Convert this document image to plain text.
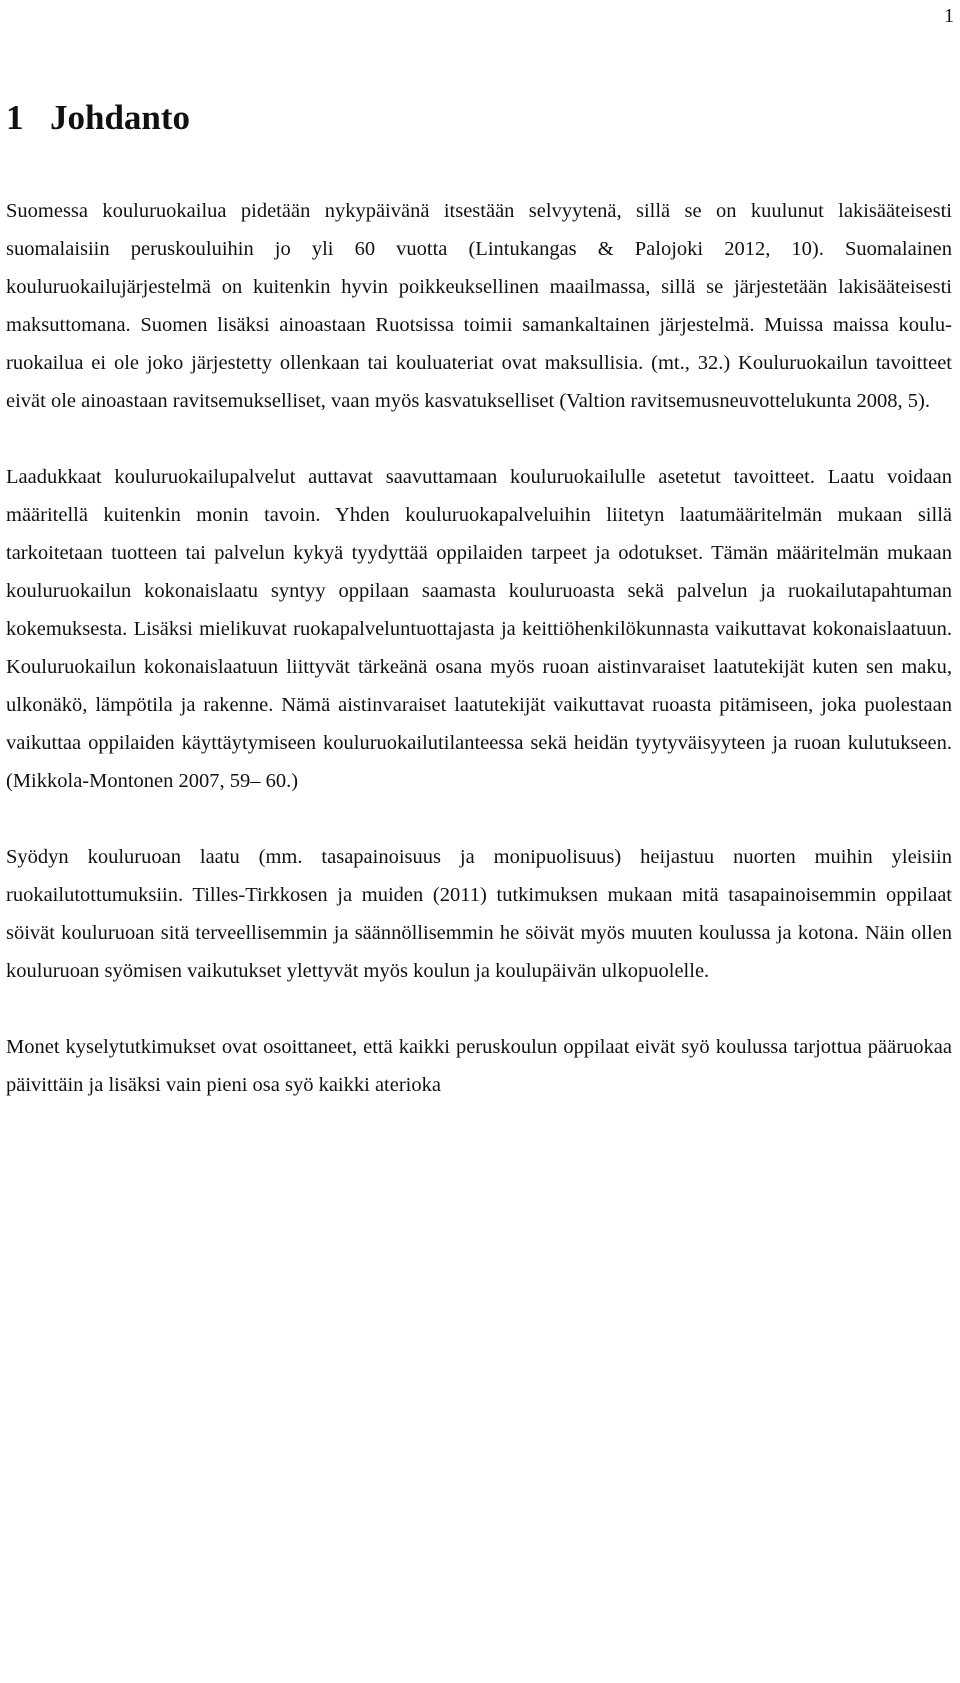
1
1 Johdanto

Suomessa kouluruokailua pidetään nykypäivänä itsestään selvyytenä, sillä se on kuulunut lakisääteisesti suomalaisiin peruskouluihin jo yli 60 vuotta (Lintukangas & Palojoki 2012, 10). Suomalainen kouluruokailujärjestelmä on kuitenkin hyvin poikkeuksellinen maailmassa, sillä se järjestetään lakisääteisesti maksuttomana. Suomen lisäksi ainoastaan Ruotsissa toimii samankaltainen järjestelmä. Muissa maissa kouluruokailua ei ole joko järjestetty ollenkaan tai kouluateriat ovat maksullisia. (mt., 32.) Kouluruokailun tavoitteet eivät ole ainoastaan ravitsemukselliset, vaan myös kasvatukselliset (Valtion ravitsemusneuvottelukunta 2008, 5).

Laadukkaat kouluruokailupalvelut auttavat saavuttamaan kouluruokailulle asetetut tavoitteet. Laatu voidaan määritellä kuitenkin monin tavoin. Yhden kouluruokapalveluihin liitetyn laatumääritelmän mukaan sillä tarkoitetaan tuotteen tai palvelun kykyä tyydyttää oppilaiden tarpeet ja odotukset. Tämän määritelmän mukaan kouluruokailun kokonaislaatu syntyy oppilaan saamasta kouluruoasta sekä palvelun ja ruokailutapahtuman kokemuksesta. Lisäksi mielikuvat ruokapalveluntuottajasta ja keittiöhenkilökunnasta vaikuttavat kokonaislaatuun. Kouluruokailun kokonaislaatuun liittyvät tärkeänä osana myös ruoan aistinvaraiset laatutekijät kuten sen maku, ulkonäkö, lämpötila ja rakenne. Nämä aistinvaraiset laatutekijät vaikuttavat ruoasta pitämiseen, joka puolestaan vaikuttaa oppilaiden käyttäytymiseen kouluruokailutilanteessa sekä heidän tyytyväisyyteen ja ruoan kulutukseen. (Mikkola-Montonen 2007, 59– 60.)

Syödyn kouluruoan laatu (mm. tasapainoisuus ja monipuolisuus) heijastuu nuorten muihin yleisiin ruokailutottumuksiin. Tilles-Tirkkosen ja muiden (2011) tutkimuksen mukaan mitä tasapainoisemmin oppilaat söivät kouluruoan sitä terveellisemmin ja säännöllisemmin he söivät myös muuten koulussa ja kotona. Näin ollen kouluruoan syömisen vaikutukset ylettyvät myös koulun ja koulupäivän ulkopuolelle.

Monet kyselytutkimukset ovat osoittaneet, että kaikki peruskoulun oppilaat eivät syö koulussa tarjottua pääruokaa päivittäin ja lisäksi vain pieni osa syö kaikki aterioka
